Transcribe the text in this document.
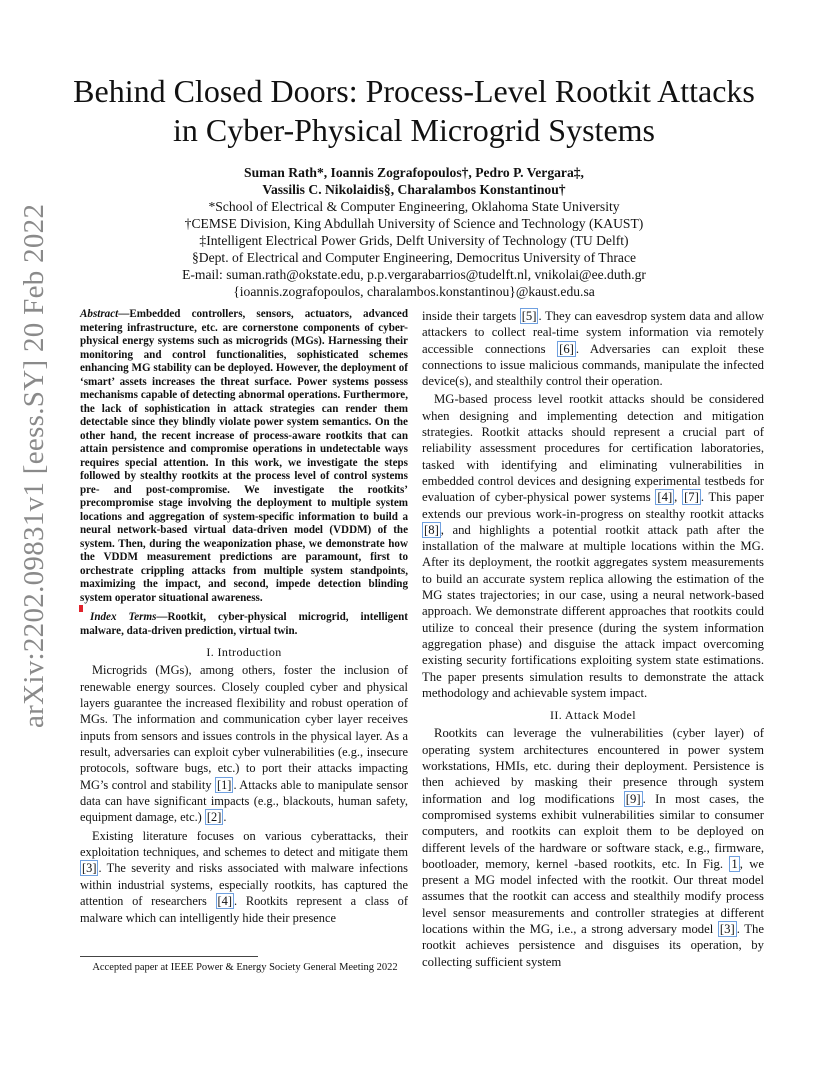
arXiv:2202.09831v1 [eess.SY] 20 Feb 2022
Behind Closed Doors: Process-Level Rootkit Attacks in Cyber-Physical Microgrid Systems
Suman Rath*, Ioannis Zografopoulos†, Pedro P. Vergara‡,
Vassilis C. Nikolaidis§, Charalambos Konstantinou†
*School of Electrical & Computer Engineering, Oklahoma State University
†CEMSE Division, King Abdullah University of Science and Technology (KAUST)
‡Intelligent Electrical Power Grids, Delft University of Technology (TU Delft)
§Dept. of Electrical and Computer Engineering, Democritus University of Thrace
E-mail: suman.rath@okstate.edu, p.p.vergarabarrios@tudelft.nl, vnikolai@ee.duth.gr
{ioannis.zografopoulos, charalambos.konstantinou}@kaust.edu.sa
Abstract—Embedded controllers, sensors, actuators, advanced metering infrastructure, etc. are cornerstone components of cyber-physical energy systems such as microgrids (MGs). Harnessing their monitoring and control functionalities, sophisticated schemes enhancing MG stability can be deployed. However, the deployment of ‘smart’ assets increases the threat surface. Power systems possess mechanisms capable of detecting abnormal operations. Furthermore, the lack of sophistication in attack strategies can render them detectable since they blindly violate power system semantics. On the other hand, the recent increase of process-aware rootkits that can attain persistence and compromise operations in undetectable ways requires special attention. In this work, we investigate the steps followed by stealthy rootkits at the process level of control systems pre- and post-compromise. We investigate the rootkits’ precompromise stage involving the deployment to multiple system locations and aggregation of system-specific information to build a neural network-based virtual data-driven model (VDDM) of the system. Then, during the weaponization phase, we demonstrate how the VDDM measurement predictions are paramount, first to orchestrate crippling attacks from multiple system standpoints, maximizing the impact, and second, impede detection blinding system operator situational awareness.
Index Terms—Rootkit, cyber-physical microgrid, intelligent malware, data-driven prediction, virtual twin.
I. Introduction
Microgrids (MGs), among others, foster the inclusion of renewable energy sources. Closely coupled cyber and physical layers guarantee the increased flexibility and robust operation of MGs. The information and communication cyber layer receives inputs from sensors and issues controls in the physical layer. As a result, adversaries can exploit cyber vulnerabilities (e.g., insecure protocols, software bugs, etc.) to port their attacks impacting MG’s control and stability [1] . Attacks able to manipulate sensor data can have significant impacts (e.g., blackouts, human safety, equipment damage, etc.) [2] .
Existing literature focuses on various cyberattacks, their exploitation techniques, and schemes to detect and mitigate them [3] . The severity and risks associated with malware infections within industrial systems, especially rootkits, has captured the attention of researchers [4] . Rootkits represent a class of malware which can intelligently hide their presence
inside their targets [5] . They can eavesdrop system data and allow attackers to collect real-time system information via remotely accessible connections [6] . Adversaries can exploit these connections to issue malicious commands, manipulate the infected device(s), and stealthily control their operation.
MG-based process level rootkit attacks should be considered when designing and implementing detection and mitigation strategies. Rootkit attacks should represent a crucial part of reliability assessment procedures for certification laboratories, tasked with identifying and eliminating vulnerabilities in embedded control devices and designing experimental testbeds for evaluation of cyber-physical power systems [4] , [7] . This paper extends our previous work-in-progress on stealthy rootkit attacks [8] , and highlights a potential rootkit attack path after the installation of the malware at multiple locations within the MG. After its deployment, the rootkit aggregates system measurements to build an accurate system replica allowing the estimation of the MG states trajectories; in our case, using a neural network-based approach. We demonstrate different approaches that rootkits could utilize to conceal their presence (during the system information aggregation phase) and disguise the attack impact overcoming existing security fortifications exploiting system state estimations. The paper presents simulation results to demonstrate the attack methodology and achievable system impact.
II. Attack Model
Rootkits can leverage the vulnerabilities (cyber layer) of operating system architectures encountered in power system workstations, HMIs, etc. during their deployment. Persistence is then achieved by masking their presence through system information and log modifications [9] . In most cases, the compromised systems exhibit vulnerabilities similar to consumer computers, and rootkits can exploit them to be deployed on different levels of the hardware or software stack, e.g., firmware, bootloader, memory, kernel -based rootkits, etc. In Fig. 1 , we present a MG model infected with the rootkit. Our threat model assumes that the rootkit can access and stealthily modify process level sensor measurements and controller strategies at different locations within the MG, i.e., a strong adversary model [3] . The rootkit achieves persistence and disguises its operation, by collecting sufficient system
Accepted paper at IEEE Power & Energy Society General Meeting 2022
